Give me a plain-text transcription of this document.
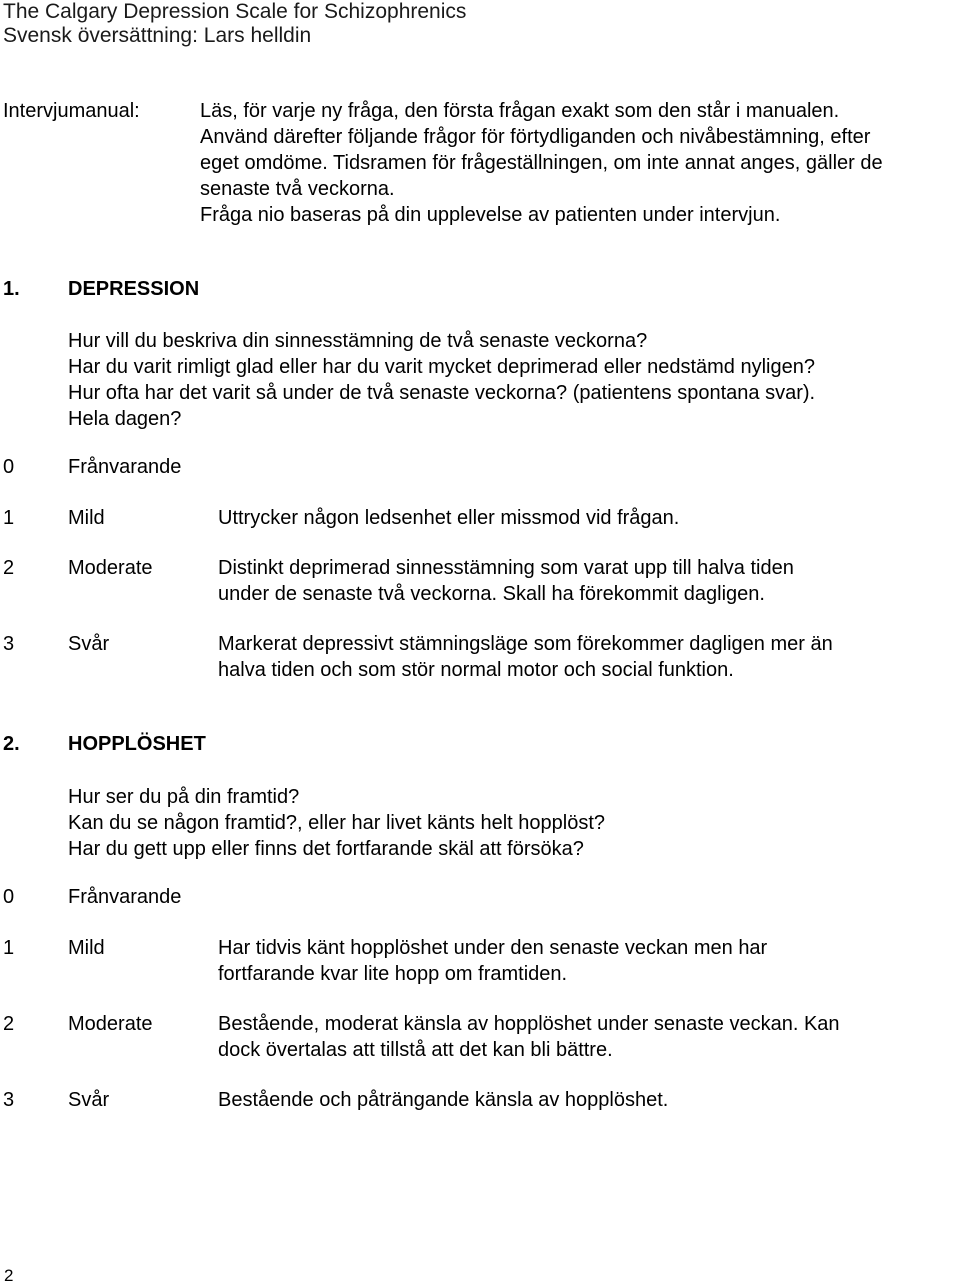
The Calgary Depression Scale for Schizophrenics
Svensk översättning: Lars helldin
Intervjumanual:	Läs, för varje ny fråga, den första frågan exakt som den står i manualen.
Använd därefter följande frågor för förtydliganden och nivåbestämning, efter
eget omdöme. Tidsramen för frågeställningen, om inte annat anges, gäller de
senaste två veckorna.
Fråga nio baseras på din upplevelse av patienten under intervjun.
1. DEPRESSION
Hur vill du beskriva din sinnesstämning de två senaste veckorna?
Har du varit rimligt glad eller har du varit mycket deprimerad eller nedstämd nyligen?
Hur ofta har det varit så under de två senaste veckorna? (patientens spontana svar).
Hela dagen?
0	Frånvarande
1	Mild	Uttrycker någon ledsenhet eller missmod vid frågan.
2	Moderate	Distinkt deprimerad sinnesstämning som varat upp till halva tiden
under de senaste två veckorna. Skall ha förekommit dagligen.
3	Svår	Markerat depressivt stämningsläge som förekommer dagligen mer än
halva tiden och som stör normal motor och social funktion.
2. HOPPLÖSHET
Hur ser du på din framtid?
Kan du se någon framtid?, eller har livet känts helt hopplöst?
Har du gett upp eller finns det fortfarande skäl att försöka?
0	Frånvarande
1	Mild	Har tidvis känt hopplöshet under den senaste veckan men har
fortfarande kvar lite hopp om framtiden.
2	Moderate	Bestående, moderat känsla av hopplöshet under senaste veckan. Kan
dock övertalas att tillstå att det kan bli bättre.
3	Svår	Bestående och påträngande känsla av hopplöshet.
2
